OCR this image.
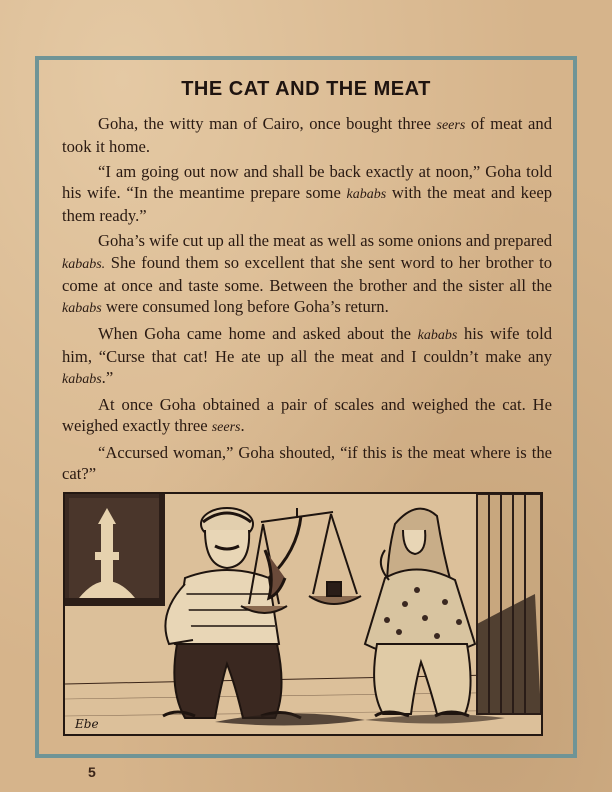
THE CAT AND THE MEAT

Goha, the witty man of Cairo, once bought three seers of meat and took it home.

“I am going out now and shall be back exactly at noon,” Goha told his wife. “In the meantime prepare some kababs with the meat and keep them ready.”

Goha’s wife cut up all the meat as well as some onions and prepared kababs. She found them so excellent that she sent word to her brother to come at once and taste some. Between the brother and the sister all the kababs were consumed long before Goha’s return.

When Goha came home and asked about the kababs his wife told him, “Curse that cat! He ate up all the meat and I couldn’t make any kababs.”

At once Goha obtained a pair of scales and weighed the cat. He weighed exactly three seers.

“Accursed woman,” Goha shouted, “if this is the meat where is the cat?”

Ebe
5
